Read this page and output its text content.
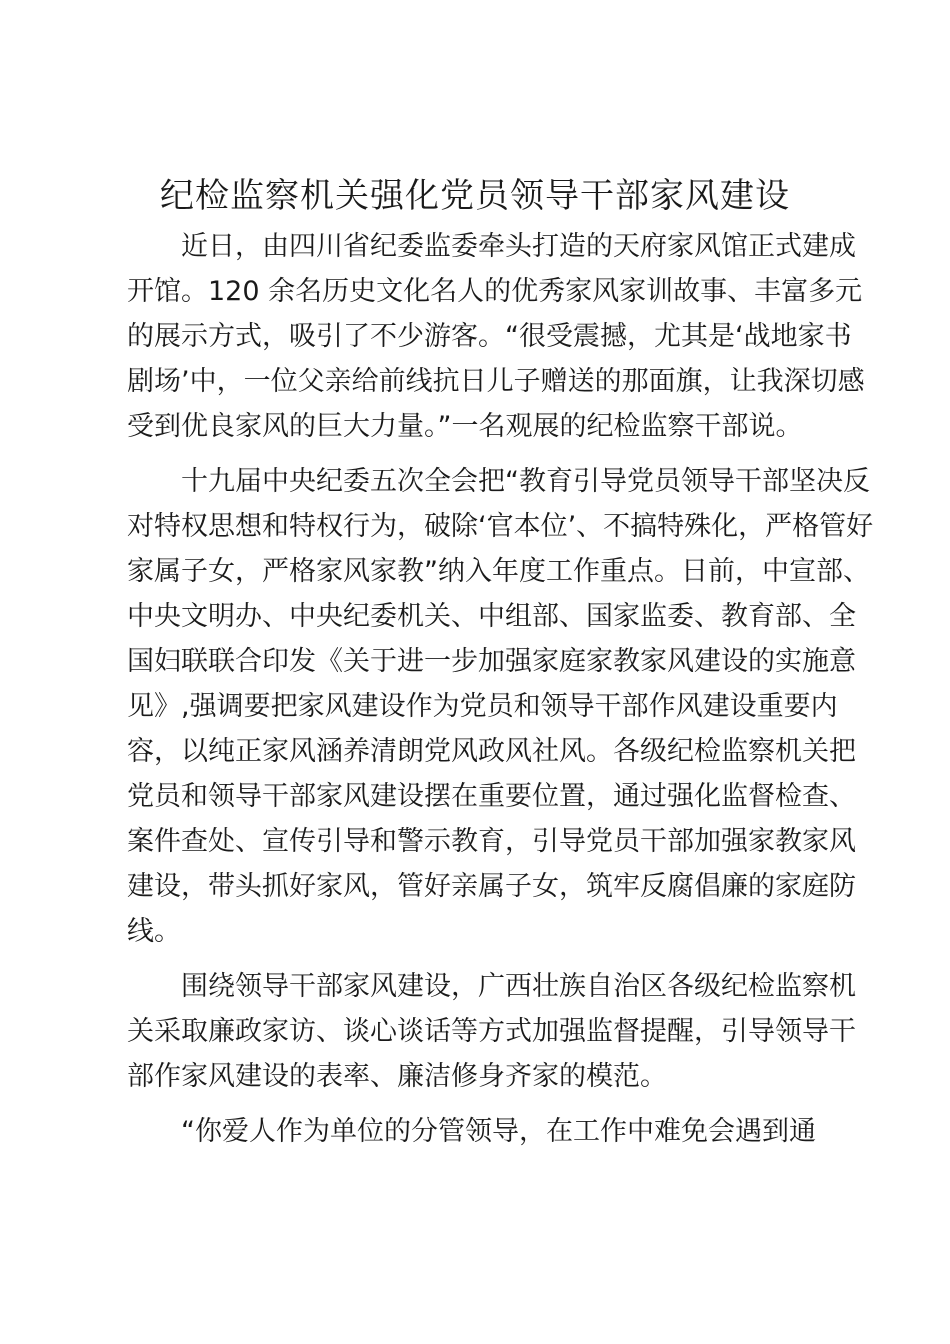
纪检监察机关强化党员领导干部家风建设

近日，由四川省纪委监委牵头打造的天府家风馆正式建成
开馆。120 余名历史文化名人的优秀家风家训故事、丰富多元
的展示方式，吸引了不少游客。“很受震撼，尤其是‘战地家书
剧场’中，一位父亲给前线抗日儿子赠送的那面旗，让我深切感
受到优良家风的巨大力量。”一名观展的纪检监察干部说。

十九届中央纪委五次全会把“教育引导党员领导干部坚决反
对特权思想和特权行为，破除‘官本位’、不搞特殊化，严格管好
家属子女，严格家风家教”纳入年度工作重点。日前，中宣部、
中央文明办、中央纪委机关、中组部、国家监委、教育部、全
国妇联联合印发《关于进一步加强家庭家教家风建设的实施意
见》,强调要把家风建设作为党员和领导干部作风建设重要内
容，以纯正家风涵养清朗党风政风社风。各级纪检监察机关把
党员和领导干部家风建设摆在重要位置，通过强化监督检查、
案件查处、宣传引导和警示教育，引导党员干部加强家教家风
建设，带头抓好家风，管好亲属子女，筑牢反腐倡廉的家庭防
线。

围绕领导干部家风建设，广西壮族自治区各级纪检监察机
关采取廉政家访、谈心谈话等方式加强监督提醒，引导领导干
部作家风建设的表率、廉洁修身齐家的模范。

“你爱人作为单位的分管领导，在工作中难免会遇到通
